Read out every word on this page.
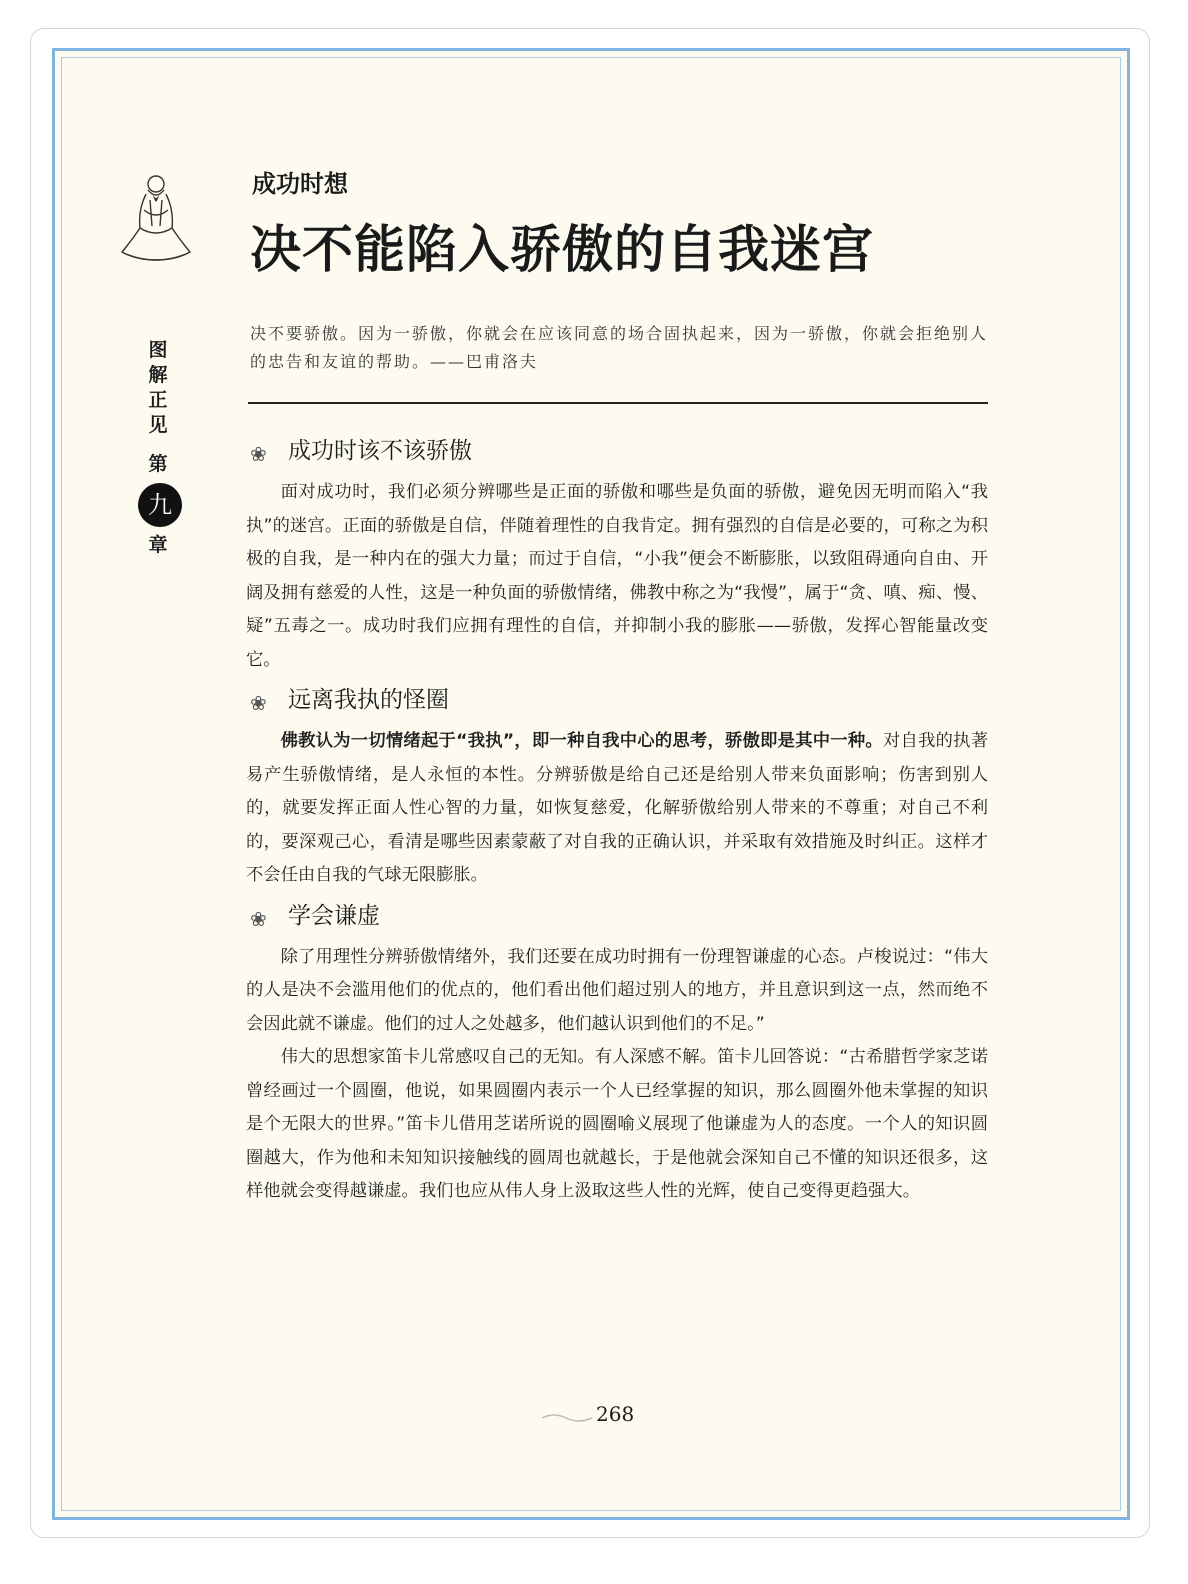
图
解
正
见
第
九
章
成功时想
决不能陷入骄傲的自我迷宫
决不要骄傲。因为一骄傲，你就会在应该同意的场合固执起来，因为一骄傲，你就会拒绝别人的忠告和友谊的帮助。——巴甫洛夫
❀
成功时该不该骄傲

面对成功时，我们必须分辨哪些是正面的骄傲和哪些是负面的骄傲，避免因无明而陷入“我执”的迷宫。正面的骄傲是自信，伴随着理性的自我肯定。拥有强烈的自信是必要的，可称之为积极的自我，是一种内在的强大力量；而过于自信，“小我”便会不断膨胀，以致阻碍通向自由、开阔及拥有慈爱的人性，这是一种负面的骄傲情绪，佛教中称之为“我慢”，属于“贪、嗔、痴、慢、疑”五毒之一。成功时我们应拥有理性的自信，并抑制小我的膨胀——骄傲，发挥心智能量改变它。

❀
远离我执的怪圈

佛教认为一切情绪起于“我执”，即一种自我中心的思考，骄傲即是其中一种。对自我的执著易产生骄傲情绪，是人永恒的本性。分辨骄傲是给自己还是给别人带来负面影响；伤害到别人的，就要发挥正面人性心智的力量，如恢复慈爱，化解骄傲给别人带来的不尊重；对自己不利的，要深观己心，看清是哪些因素蒙蔽了对自我的正确认识，并采取有效措施及时纠正。这样才不会任由自我的气球无限膨胀。

❀
学会谦虚

除了用理性分辨骄傲情绪外，我们还要在成功时拥有一份理智谦虚的心态。卢梭说过：“伟大的人是决不会滥用他们的优点的，他们看出他们超过别人的地方，并且意识到这一点，然而绝不会因此就不谦虚。他们的过人之处越多，他们越认识到他们的不足。”

伟大的思想家笛卡儿常感叹自己的无知。有人深感不解。笛卡儿回答说：“古希腊哲学家芝诺曾经画过一个圆圈，他说，如果圆圈内表示一个人已经掌握的知识，那么圆圈外他未掌握的知识是个无限大的世界。”笛卡儿借用芝诺所说的圆圈喻义展现了他谦虚为人的态度。一个人的知识圆圈越大，作为他和未知知识接触线的圆周也就越长，于是他就会深知自己不懂的知识还很多，这样他就会变得越谦虚。我们也应从伟人身上汲取这些人性的光辉，使自己变得更趋强大。

268
